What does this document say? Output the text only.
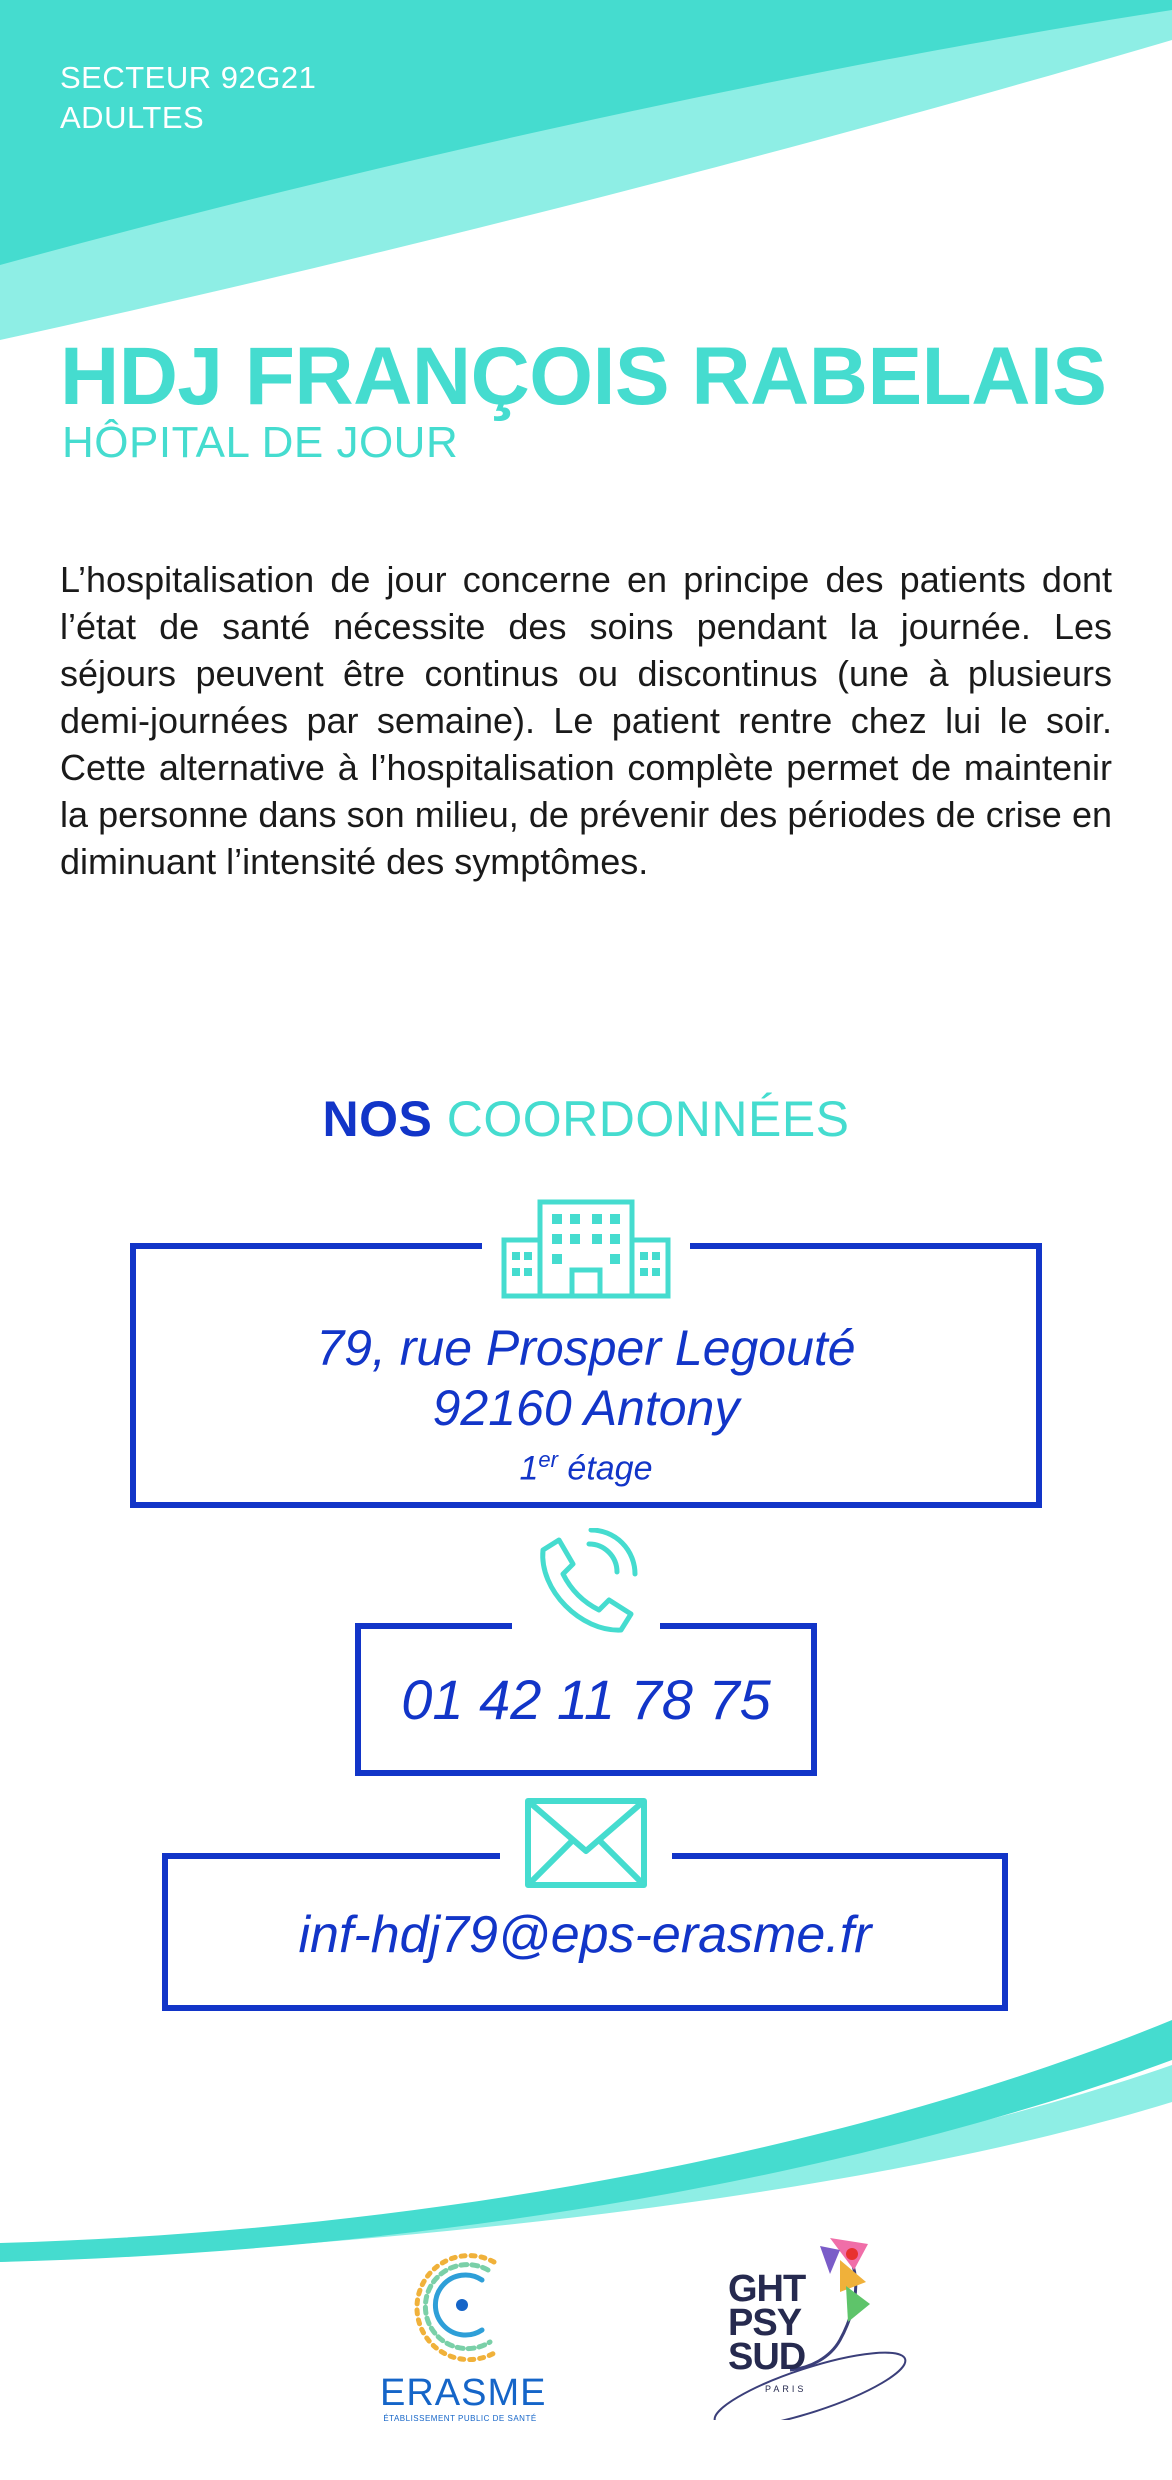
SECTEUR 92G21
ADULTES
HDJ FRANÇOIS RABELAIS
HÔPITAL DE JOUR
L’hospitalisation de jour concerne en principe des patients dont l’état de santé nécessite des soins pendant la journée. Les séjours peuvent être continus ou discontinus (une à plusieurs demi-journées par semaine). Le patient rentre chez lui le soir. Cette alternative à l’hospitalisation complète permet de maintenir la personne dans son milieu, de prévenir des périodes de crise en diminuant l’intensité des symptômes.
NOS COORDONNÉES
79, rue Prosper Legouté
92160 Antony
1er étage
01 42 11 78 75
inf-hdj79@eps-erasme.fr
ERASME
ÉTABLISSEMENT PUBLIC DE SANTÉ
GHT
PSY
SUD
PARIS
